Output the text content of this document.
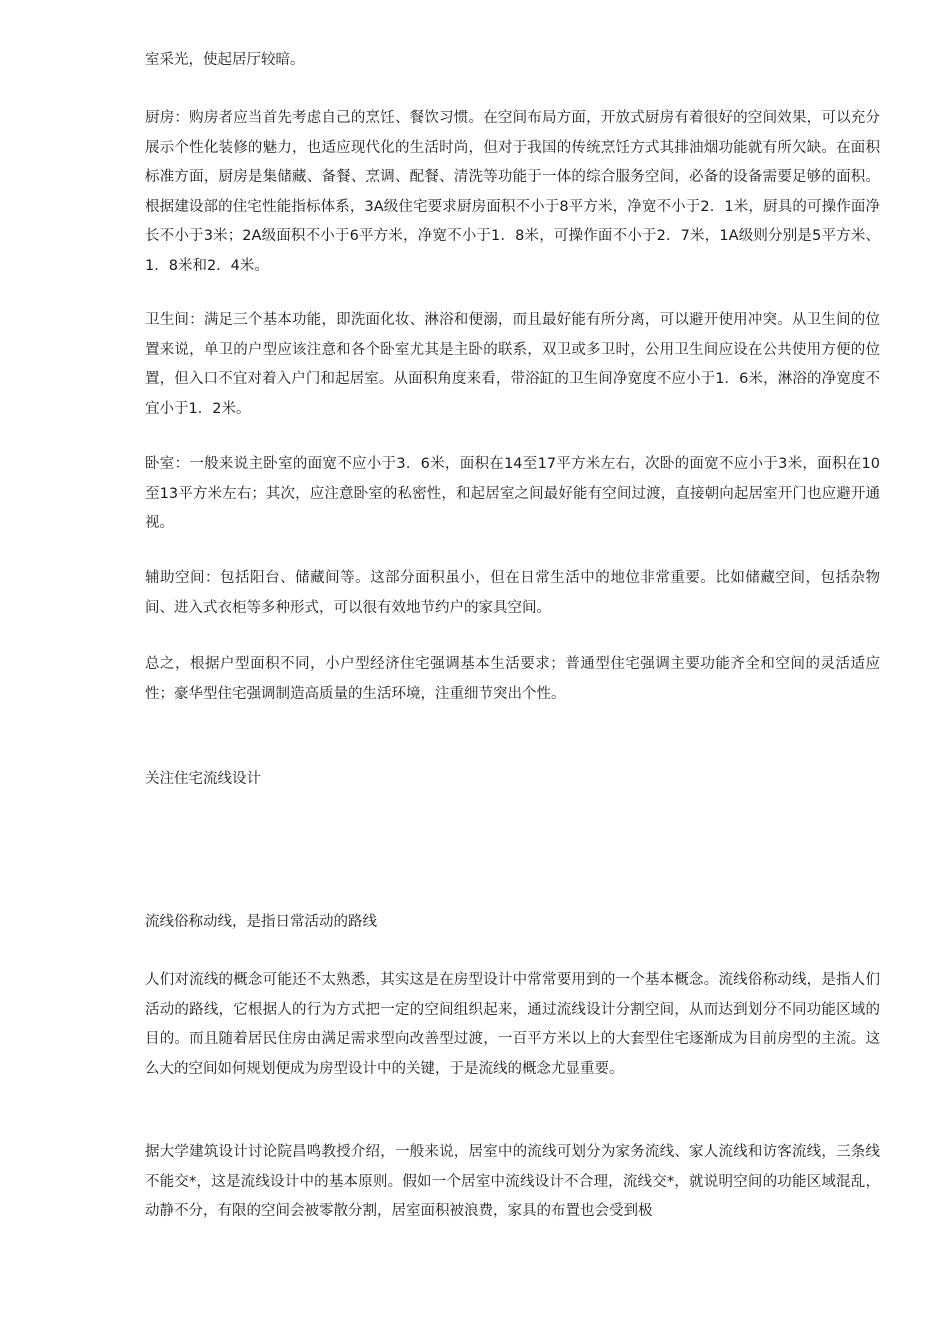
室采光，使起居厅较暗。

厨房：购房者应当首先考虑自己的烹饪、餐饮习惯。在空间布局方面，开放式厨房有着很好的空间效果，可以充分展示个性化装修的魅力，也适应现代化的生活时尚，但对于我国的传统烹饪方式其排油烟功能就有所欠缺。在面积标准方面，厨房是集储藏、备餐、烹调、配餐、清洗等功能于一体的综合服务空间，必备的设备需要足够的面积。根据建设部的住宅性能指标体系，3A级住宅要求厨房面积不小于8平方米，净宽不小于2．1米，厨具的可操作面净长不小于3米；2A级面积不小于6平方米，净宽不小于1．8米，可操作面不小于2．7米，1A级则分别是5平方米、1．8米和2．4米。

卫生间：满足三个基本功能，即洗面化妆、淋浴和便溺，而且最好能有所分离，可以避开使用冲突。从卫生间的位置来说，单卫的户型应该注意和各个卧室尤其是主卧的联系，双卫或多卫时，公用卫生间应设在公共使用方便的位置，但入口不宜对着入户门和起居室。从面积角度来看，带浴缸的卫生间净宽度不应小于1．6米，淋浴的净宽度不宜小于1．2米。

卧室：一般来说主卧室的面宽不应小于3．6米，面积在14至17平方米左右，次卧的面宽不应小于3米，面积在10至13平方米左右；其次，应注意卧室的私密性，和起居室之间最好能有空间过渡，直接朝向起居室开门也应避开通视。

辅助空间：包括阳台、储藏间等。这部分面积虽小，但在日常生活中的地位非常重要。比如储藏空间，包括杂物间、进入式衣柜等多种形式，可以很有效地节约户的家具空间。

总之，根据户型面积不同，小户型经济住宅强调基本生活要求；普通型住宅强调主要功能齐全和空间的灵活适应性；豪华型住宅强调制造高质量的生活环境，注重细节突出个性。

关注住宅流线设计

流线俗称动线，是指日常活动的路线

人们对流线的概念可能还不太熟悉，其实这是在房型设计中常常要用到的一个基本概念。流线俗称动线，是指人们活动的路线，它根据人的行为方式把一定的空间组织起来，通过流线设计分割空间，从而达到划分不同功能区域的目的。而且随着居民住房由满足需求型向改善型过渡，一百平方米以上的大套型住宅逐渐成为目前房型的主流。这么大的空间如何规划便成为房型设计中的关键，于是流线的概念尤显重要。

据大学建筑设计讨论院昌鸣教授介绍，一般来说，居室中的流线可划分为家务流线、家人流线和访客流线，三条线不能交*，这是流线设计中的基本原则。假如一个居室中流线设计不合理，流线交*，就说明空间的功能区域混乱，动静不分，有限的空间会被零散分割，居室面积被浪费，家具的布置也会受到极
